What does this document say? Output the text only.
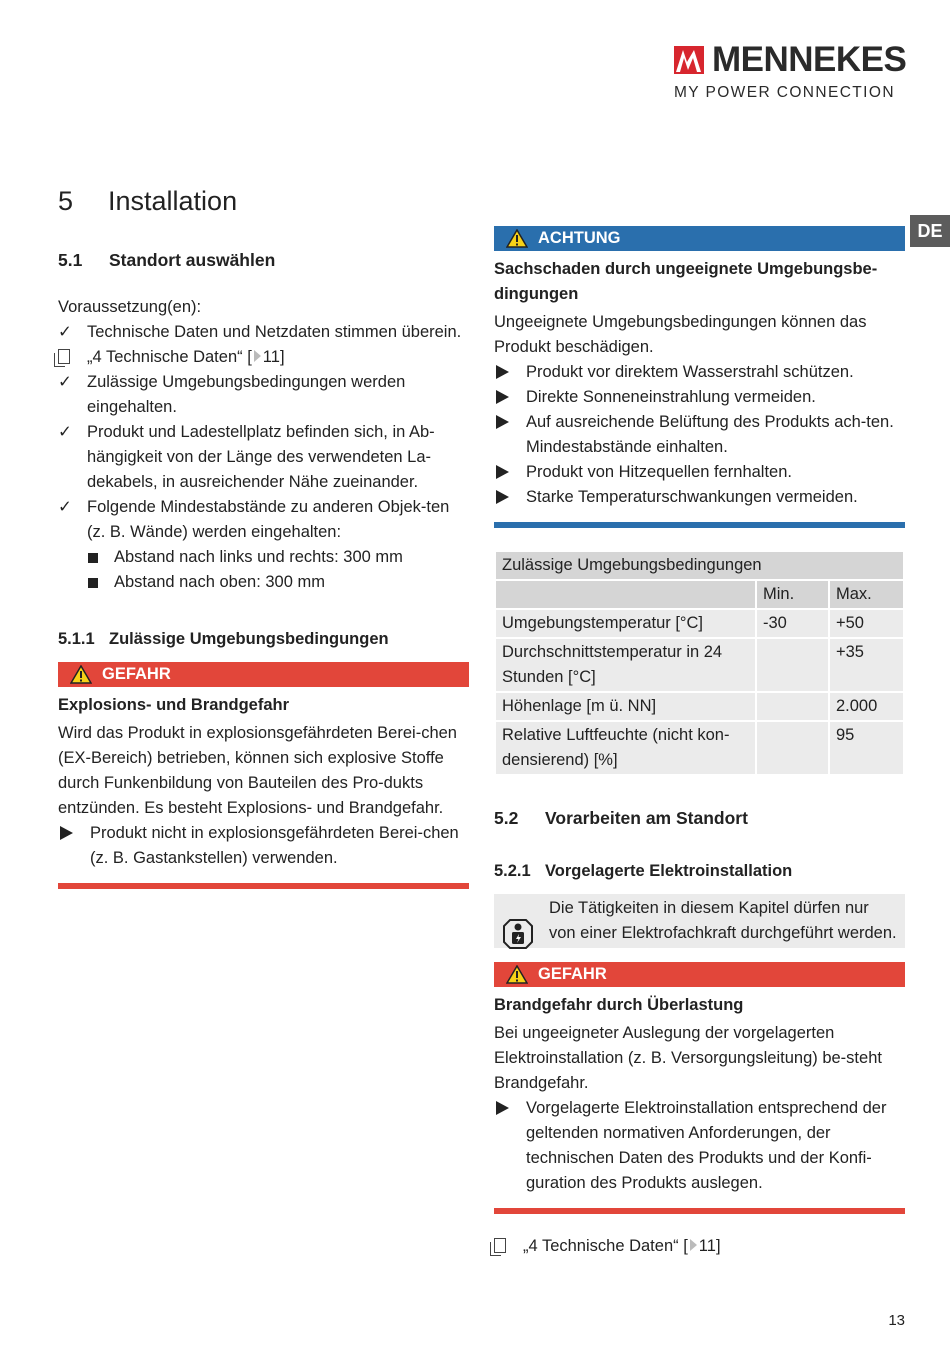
MENNEKES
MY POWER CONNECTION
DE
5 Installation
5.1 Standort auswählen
Voraussetzung(en):
✓ Technische Daten und Netzdaten stimmen überein.
„4 Technische Daten“ [ 11]
✓ Zulässige Umgebungsbedingungen werden eingehalten.
✓ Produkt und Ladestellplatz befinden sich, in Ab-hängigkeit von der Länge des verwendeten La-dekabels, in ausreichender Nähe zueinander.
✓ Folgende Mindestabstände zu anderen Objek-ten (z. B. Wände) werden eingehalten:
Abstand nach links und rechts: 300 mm
Abstand nach oben: 300 mm
5.1.1 Zulässige Umgebungsbedingungen
GEFAHR
Explosions- und Brandgefahr
Wird das Produkt in explosionsgefährdeten Berei-chen (EX-Bereich) betrieben, können sich explosive Stoffe durch Funkenbildung von Bauteilen des Pro-dukts entzünden. Es besteht Explosions- und Brandgefahr.
Produkt nicht in explosionsgefährdeten Berei-chen (z. B. Gastankstellen) verwenden.
ACHTUNG
Sachschaden durch ungeeignete Umgebungsbe-dingungen
Ungeeignete Umgebungsbedingungen können das Produkt beschädigen.
Produkt vor direktem Wasserstrahl schützen.
Direkte Sonneneinstrahlung vermeiden.
Auf ausreichende Belüftung des Produkts ach-ten. Mindestabstände einhalten.
Produkt von Hitzequellen fernhalten.
Starke Temperaturschwankungen vermeiden.
Zulässige Umgebungsbedingungen		
	Min.	Max.
Umgebungstemperatur [°C]	-30	+50
Durchschnittstemperatur in 24 Stunden [°C]		+35
Höhenlage [m ü. NN]		2.000
Relative Luftfeuchte (nicht kon-densierend) [%]		95
5.2 Vorarbeiten am Standort
5.2.1 Vorgelagerte Elektroinstallation
Die Tätigkeiten in diesem Kapitel dürfen nur von einer Elektrofachkraft durchgeführt werden.
GEFAHR
Brandgefahr durch Überlastung
Bei ungeeigneter Auslegung der vorgelagerten Elektroinstallation (z. B. Versorgungsleitung) be-steht Brandgefahr.
Vorgelagerte Elektroinstallation entsprechend der geltenden normativen Anforderungen, der technischen Daten des Produkts und der Konfi-guration des Produkts auslegen.
„4 Technische Daten“ [ 11]
13
